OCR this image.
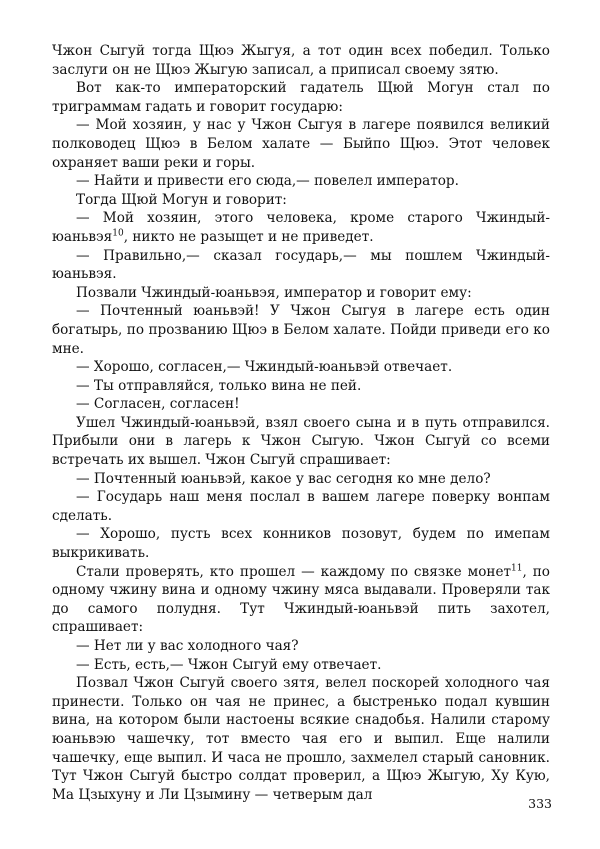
Чжон Сыгуй тогда Щюэ Жыгуя, а тот один всех победил. Только заслуги он не Щюэ Жыгую записал, а приписал своему зятю.

Вот как-то императорский гадатель Щюй Могун стал по триграммам гадать и говорит государю:

— Мой хозяин, у нас у Чжон Сыгуя в лагере появился великий полководец Щюэ в Белом халате — Быйпо Щюэ. Этот человек охраняет ваши реки и горы.

— Найти и привести его сюда,— повелел император.

Тогда Щюй Могун и говорит:

— Мой хозяин, этого человека, кроме старого Чжиндый-юаньвэя$^{10}$, никто не разыщет и не приведет.

— Правильно,— сказал государь,— мы пошлем Чжиндый-юаньвэя.

Позвали Чжиндый-юаньвэя, император и говорит ему:

— Почтенный юаньвэй! У Чжон Сыгуя в лагере есть один богатырь, по прозванию Щюэ в Белом халате. Пойди приведи его ко мне.

— Хорошо, согласен,— Чжиндый-юаньвэй отвечает.

— Ты отправляйся, только вина не пей.

— Согласен, согласен!

Ушел Чжиндый-юаньвэй, взял своего сына и в путь отправился. Прибыли они в лагерь к Чжон Сыгую. Чжон Сыгуй со всеми встречать их вышел. Чжон Сыгуй спрашивает:

— Почтенный юаньвэй, какое у вас сегодня ко мне дело?

— Государь наш меня послал в вашем лагере поверку вонпам сделать.

— Хорошо, пусть всех конников позовут, будем по имепам выкрикивать.

Стали проверять, кто прошел — каждому по связке монет$^{11}$, по одному чжину вина и одному чжину мяса выдавали. Проверяли так до самого полудня. Тут Чжиндый-юаньвэй пить захотел, спрашивает:

— Нет ли у вас холодного чая?

— Есть, есть,— Чжон Сыгуй ему отвечает.

Позвал Чжон Сыгуй своего зятя, велел поскорей холодного чая принести. Только он чая не принес, а быстренько подал кувшин вина, на котором были настоены всякие снадобья. Налили старому юаньвэю чашечку, тот вместо чая его и выпил. Еще налили чашечку, еще выпил. И часа не прошло, захмелел старый сановник. Тут Чжон Сыгуй быстро солдат проверил, а Щюэ Жыгую, Ху Кую, Ма Цзыхуну и Ли Цзымину — четверым дал

333
